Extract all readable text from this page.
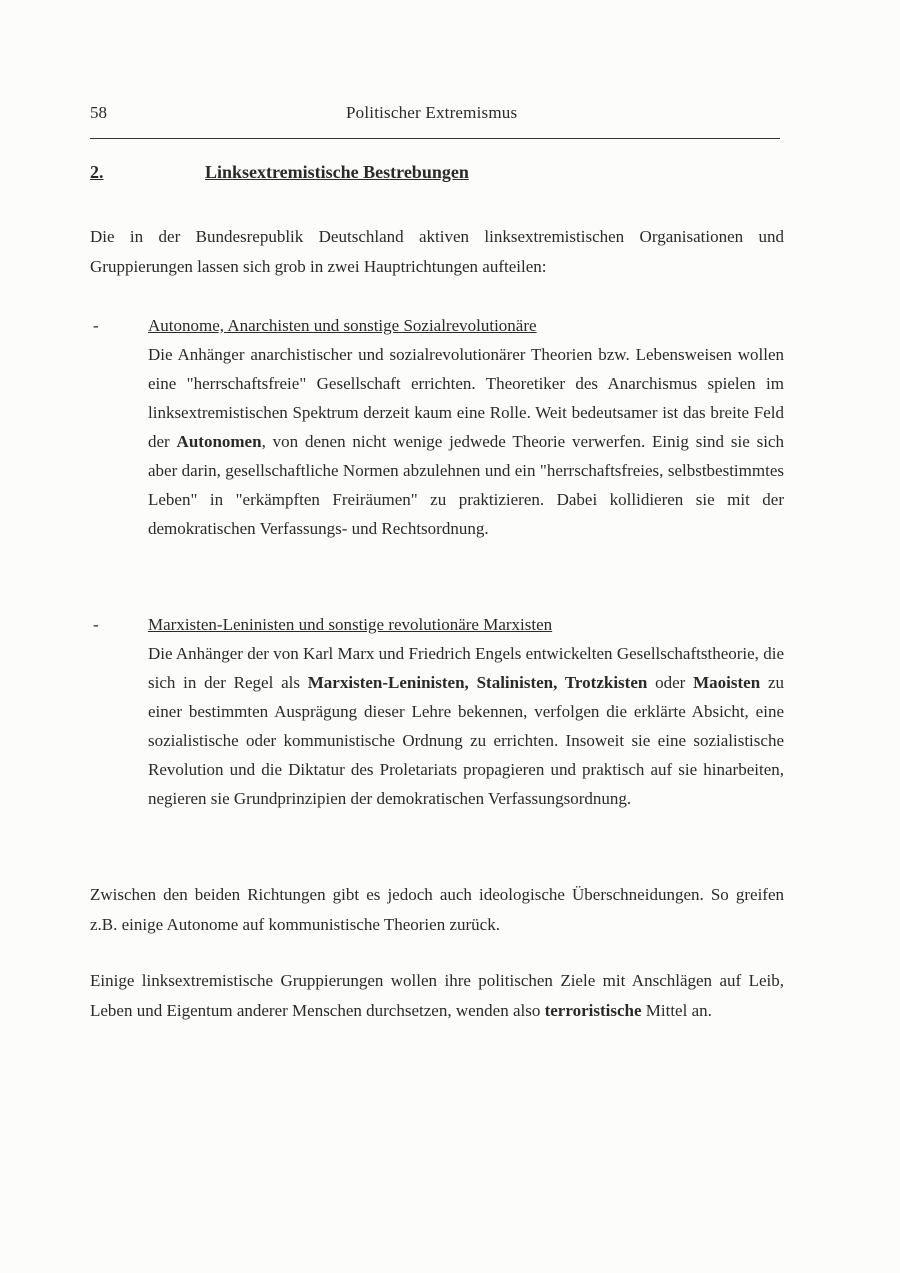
58	Politischer Extremismus
2.	Linksextremistische Bestrebungen

Die in der Bundesrepublik Deutschland aktiven linksextremistischen Organisationen und Gruppierungen lassen sich grob in zwei Hauptrichtungen aufteilen:

-	Autonome, Anarchisten und sonstige Sozialrevolutionäre
Die Anhänger anarchistischer und sozialrevolutionärer Theorien bzw. Lebensweisen wollen eine "herrschaftsfreie" Gesellschaft errichten. Theoretiker des Anarchismus spielen im linksextremistischen Spektrum derzeit kaum eine Rolle. Weit bedeutsamer ist das breite Feld der Autonomen, von denen nicht wenige jedwede Theorie verwerfen. Einig sind sie sich aber darin, gesellschaftliche Normen abzulehnen und ein "herrschaftsfreies, selbstbestimmtes Leben" in "erkämpften Freiräumen" zu praktizieren. Dabei kollidieren sie mit der demokratischen Verfassungs- und Rechtsordnung.
-	Marxisten-Leninisten und sonstige revolutionäre Marxisten
Die Anhänger der von Karl Marx und Friedrich Engels entwickelten Gesellschaftstheorie, die sich in der Regel als Marxisten-Leninisten, Stalinisten, Trotzkisten oder Maoisten zu einer bestimmten Ausprägung dieser Lehre bekennen, verfolgen die erklärte Absicht, eine sozialistische oder kommunistische Ordnung zu errichten. Insoweit sie eine sozialistische Revolution und die Diktatur des Proletariats propagieren und praktisch auf sie hinarbeiten, negieren sie Grundprinzipien der demokratischen Verfassungsordnung.

Zwischen den beiden Richtungen gibt es jedoch auch ideologische Überschneidungen. So greifen z.B. einige Autonome auf kommunistische Theorien zurück.

Einige linksextremistische Gruppierungen wollen ihre politischen Ziele mit Anschlägen auf Leib, Leben und Eigentum anderer Menschen durchsetzen, wenden also terroristische Mittel an.
